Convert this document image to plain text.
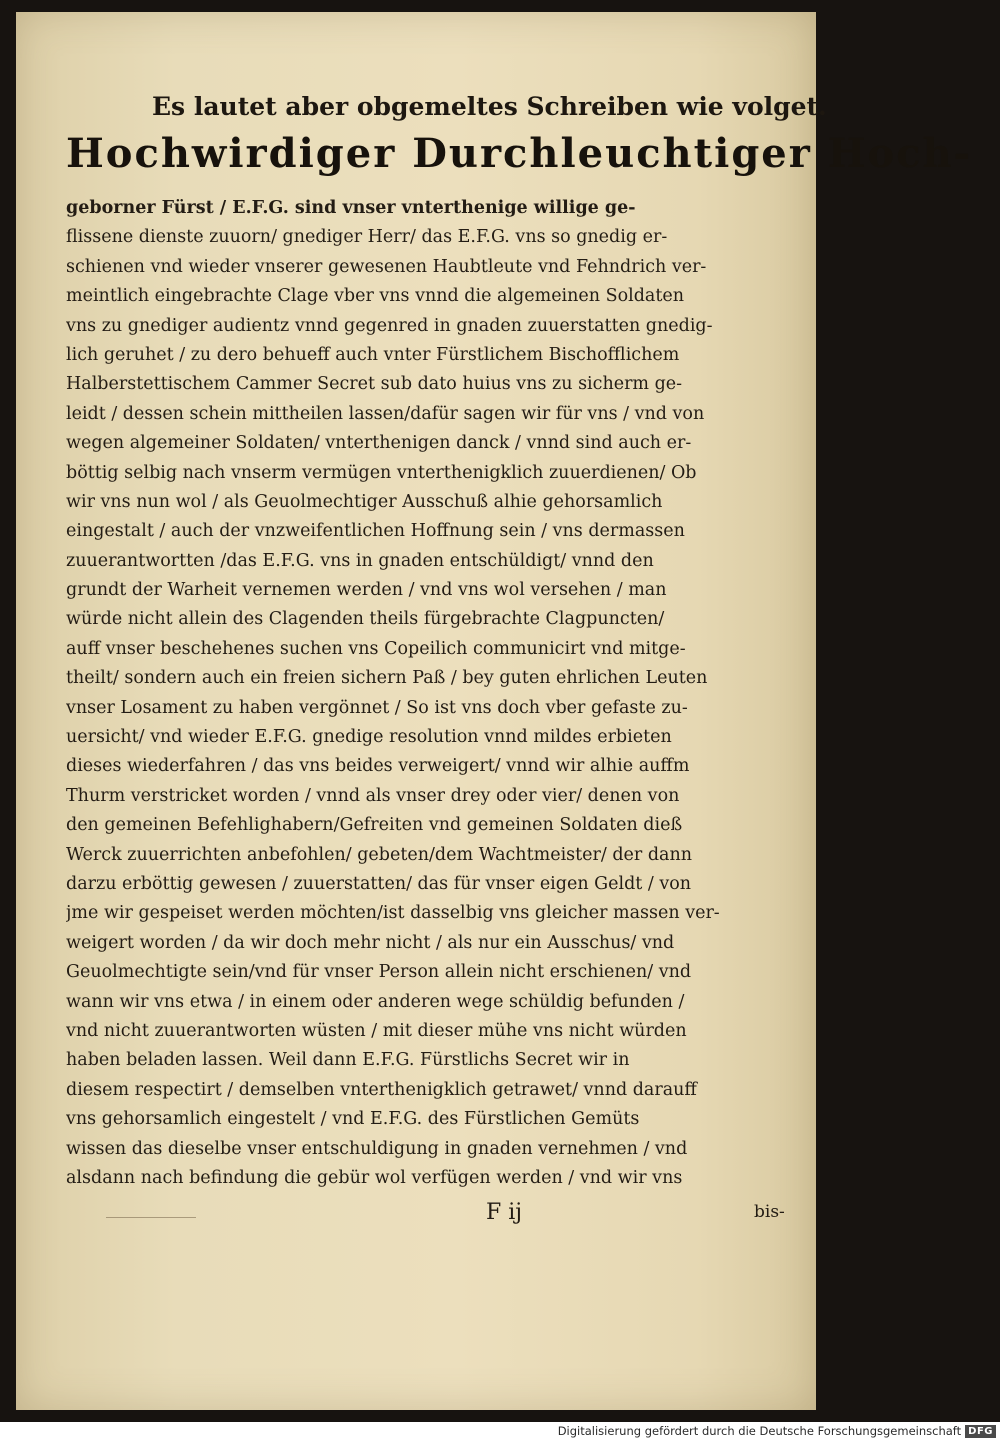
Es lautet aber obgemeltes Schreiben wie volget.
Hochwirdiger Durchleuchtiger Hoch-
geborner Fürst / E.F.G. sind vnser vnterthenige willige ge-
flissene dienste zuuorn/ gnediger Herr/ das E.F.G. vns so gnedig er-
schienen vnd wieder vnserer gewesenen Haubtleute vnd Fehndrich ver-
meintlich eingebrachte Clage vber vns vnnd die algemeinen Soldaten
vns zu gnediger audientz vnnd gegenred in gnaden zuuerstatten gnedig-
lich geruhet / zu dero behueff auch vnter Fürstlichem Bischofflichem
Halberstettischem Cammer Secret sub dato huius vns zu sicherm ge-
leidt / dessen schein mittheilen lassen/dafür sagen wir für vns / vnd von
wegen algemeiner Soldaten/ vnterthenigen danck / vnnd sind auch er-
böttig selbig nach vnserm vermügen vnterthenigklich zuuerdienen/ Ob
wir vns nun wol / als Geuolmechtiger Ausschuß alhie gehorsamlich
eingestalt / auch der vnzweifentlichen Hoffnung sein / vns dermassen
zuuerantwortten /das E.F.G. vns in gnaden entschüldigt/ vnnd den
grundt der Warheit vernemen werden / vnd vns wol versehen / man
würde nicht allein des Clagenden theils fürgebrachte Clagpuncten/
auff vnser beschehenes suchen vns Copeilich communicirt vnd mitge-
theilt/ sondern auch ein freien sichern Paß / bey guten ehrlichen Leuten
vnser Losament zu haben vergönnet / So ist vns doch vber gefaste zu-
uersicht/ vnd wieder E.F.G. gnedige resolution vnnd mildes erbieten
dieses wiederfahren / das vns beides verweigert/ vnnd wir alhie auffm
Thurm verstricket worden / vnnd als vnser drey oder vier/ denen von
den gemeinen Befehlighabern/Gefreiten vnd gemeinen Soldaten dieß
Werck zuuerrichten anbefohlen/ gebeten/dem Wachtmeister/ der dann
darzu erböttig gewesen / zuuerstatten/ das für vnser eigen Geldt / von
jme wir gespeiset werden möchten/ist dasselbig vns gleicher massen ver-
weigert worden / da wir doch mehr nicht / als nur ein Ausschus/ vnd
Geuolmechtigte sein/vnd für vnser Person allein nicht erschienen/ vnd
wann wir vns etwa / in einem oder anderen wege schüldig befunden /
vnd nicht zuuerantworten wüsten / mit dieser mühe vns nicht würden
haben beladen lassen. Weil dann E.F.G. Fürstlichs Secret wir in
diesem respectirt / demselben vnterthenigklich getrawet/ vnnd darauff
vns gehorsamlich eingestelt / vnd E.F.G. des Fürstlichen Gemüts
wissen das dieselbe vnser entschuldigung in gnaden vernehmen / vnd
alsdann nach befindung die gebür wol verfügen werden / vnd wir vns
F ij	bis-
Digitalisierung gefördert durch die Deutsche Forschungsgemeinschaft DFG
